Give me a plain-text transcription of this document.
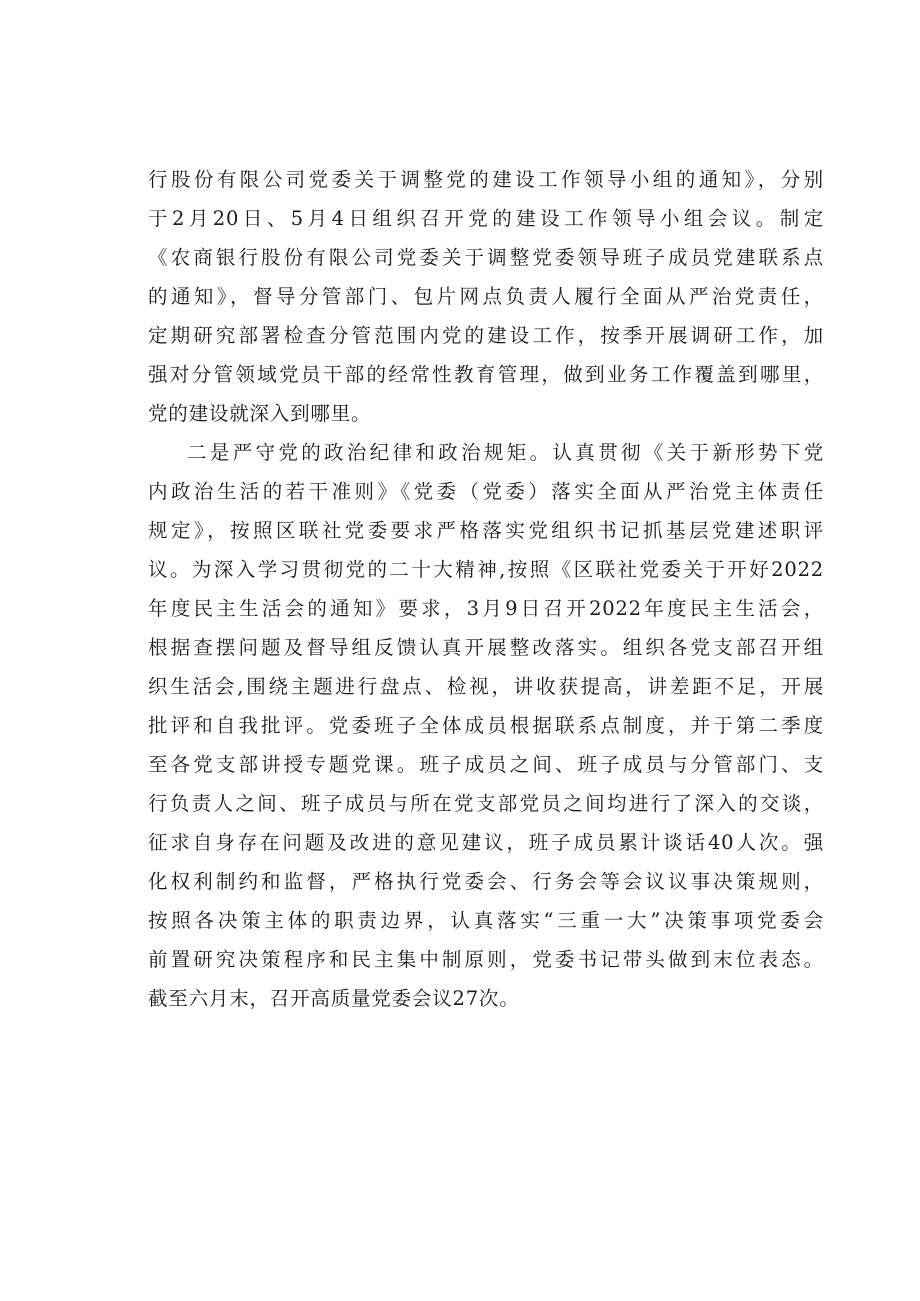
行股份有限公司党委关于调整党的建设工作领导小组的通知》，分别
于2月20日、5月4日组织召开党的建设工作领导小组会议。制定
《农商银行股份有限公司党委关于调整党委领导班子成员党建联系点
的通知》，督导分管部门、包片网点负责人履行全面从严治党责任，
定期研究部署检查分管范围内党的建设工作，按季开展调研工作，加
强对分管领域党员干部的经常性教育管理，做到业务工作覆盖到哪里，
党的建设就深入到哪里。
二是严守党的政治纪律和政治规矩。认真贯彻《关于新形势下党
内政治生活的若干准则》《党委（党委）落实全面从严治党主体责任
规定》，按照区联社党委要求严格落实党组织书记抓基层党建述职评
议。为深入学习贯彻党的二十大精神,按照《区联社党委关于开好2022
年度民主生活会的通知》要求，3月9日召开2022年度民主生活会，
根据查摆问题及督导组反馈认真开展整改落实。组织各党支部召开组
织生活会,围绕主题进行盘点、检视，讲收获提高，讲差距不足，开展
批评和自我批评。党委班子全体成员根据联系点制度，并于第二季度
至各党支部讲授专题党课。班子成员之间、班子成员与分管部门、支
行负责人之间、班子成员与所在党支部党员之间均进行了深入的交谈，
征求自身存在问题及改进的意见建议，班子成员累计谈话40人次。强
化权利制约和监督，严格执行党委会、行务会等会议议事决策规则，
按照各决策主体的职责边界，认真落实“三重一大”决策事项党委会
前置研究决策程序和民主集中制原则，党委书记带头做到末位表态。
截至六月末，召开高质量党委会议27次。
